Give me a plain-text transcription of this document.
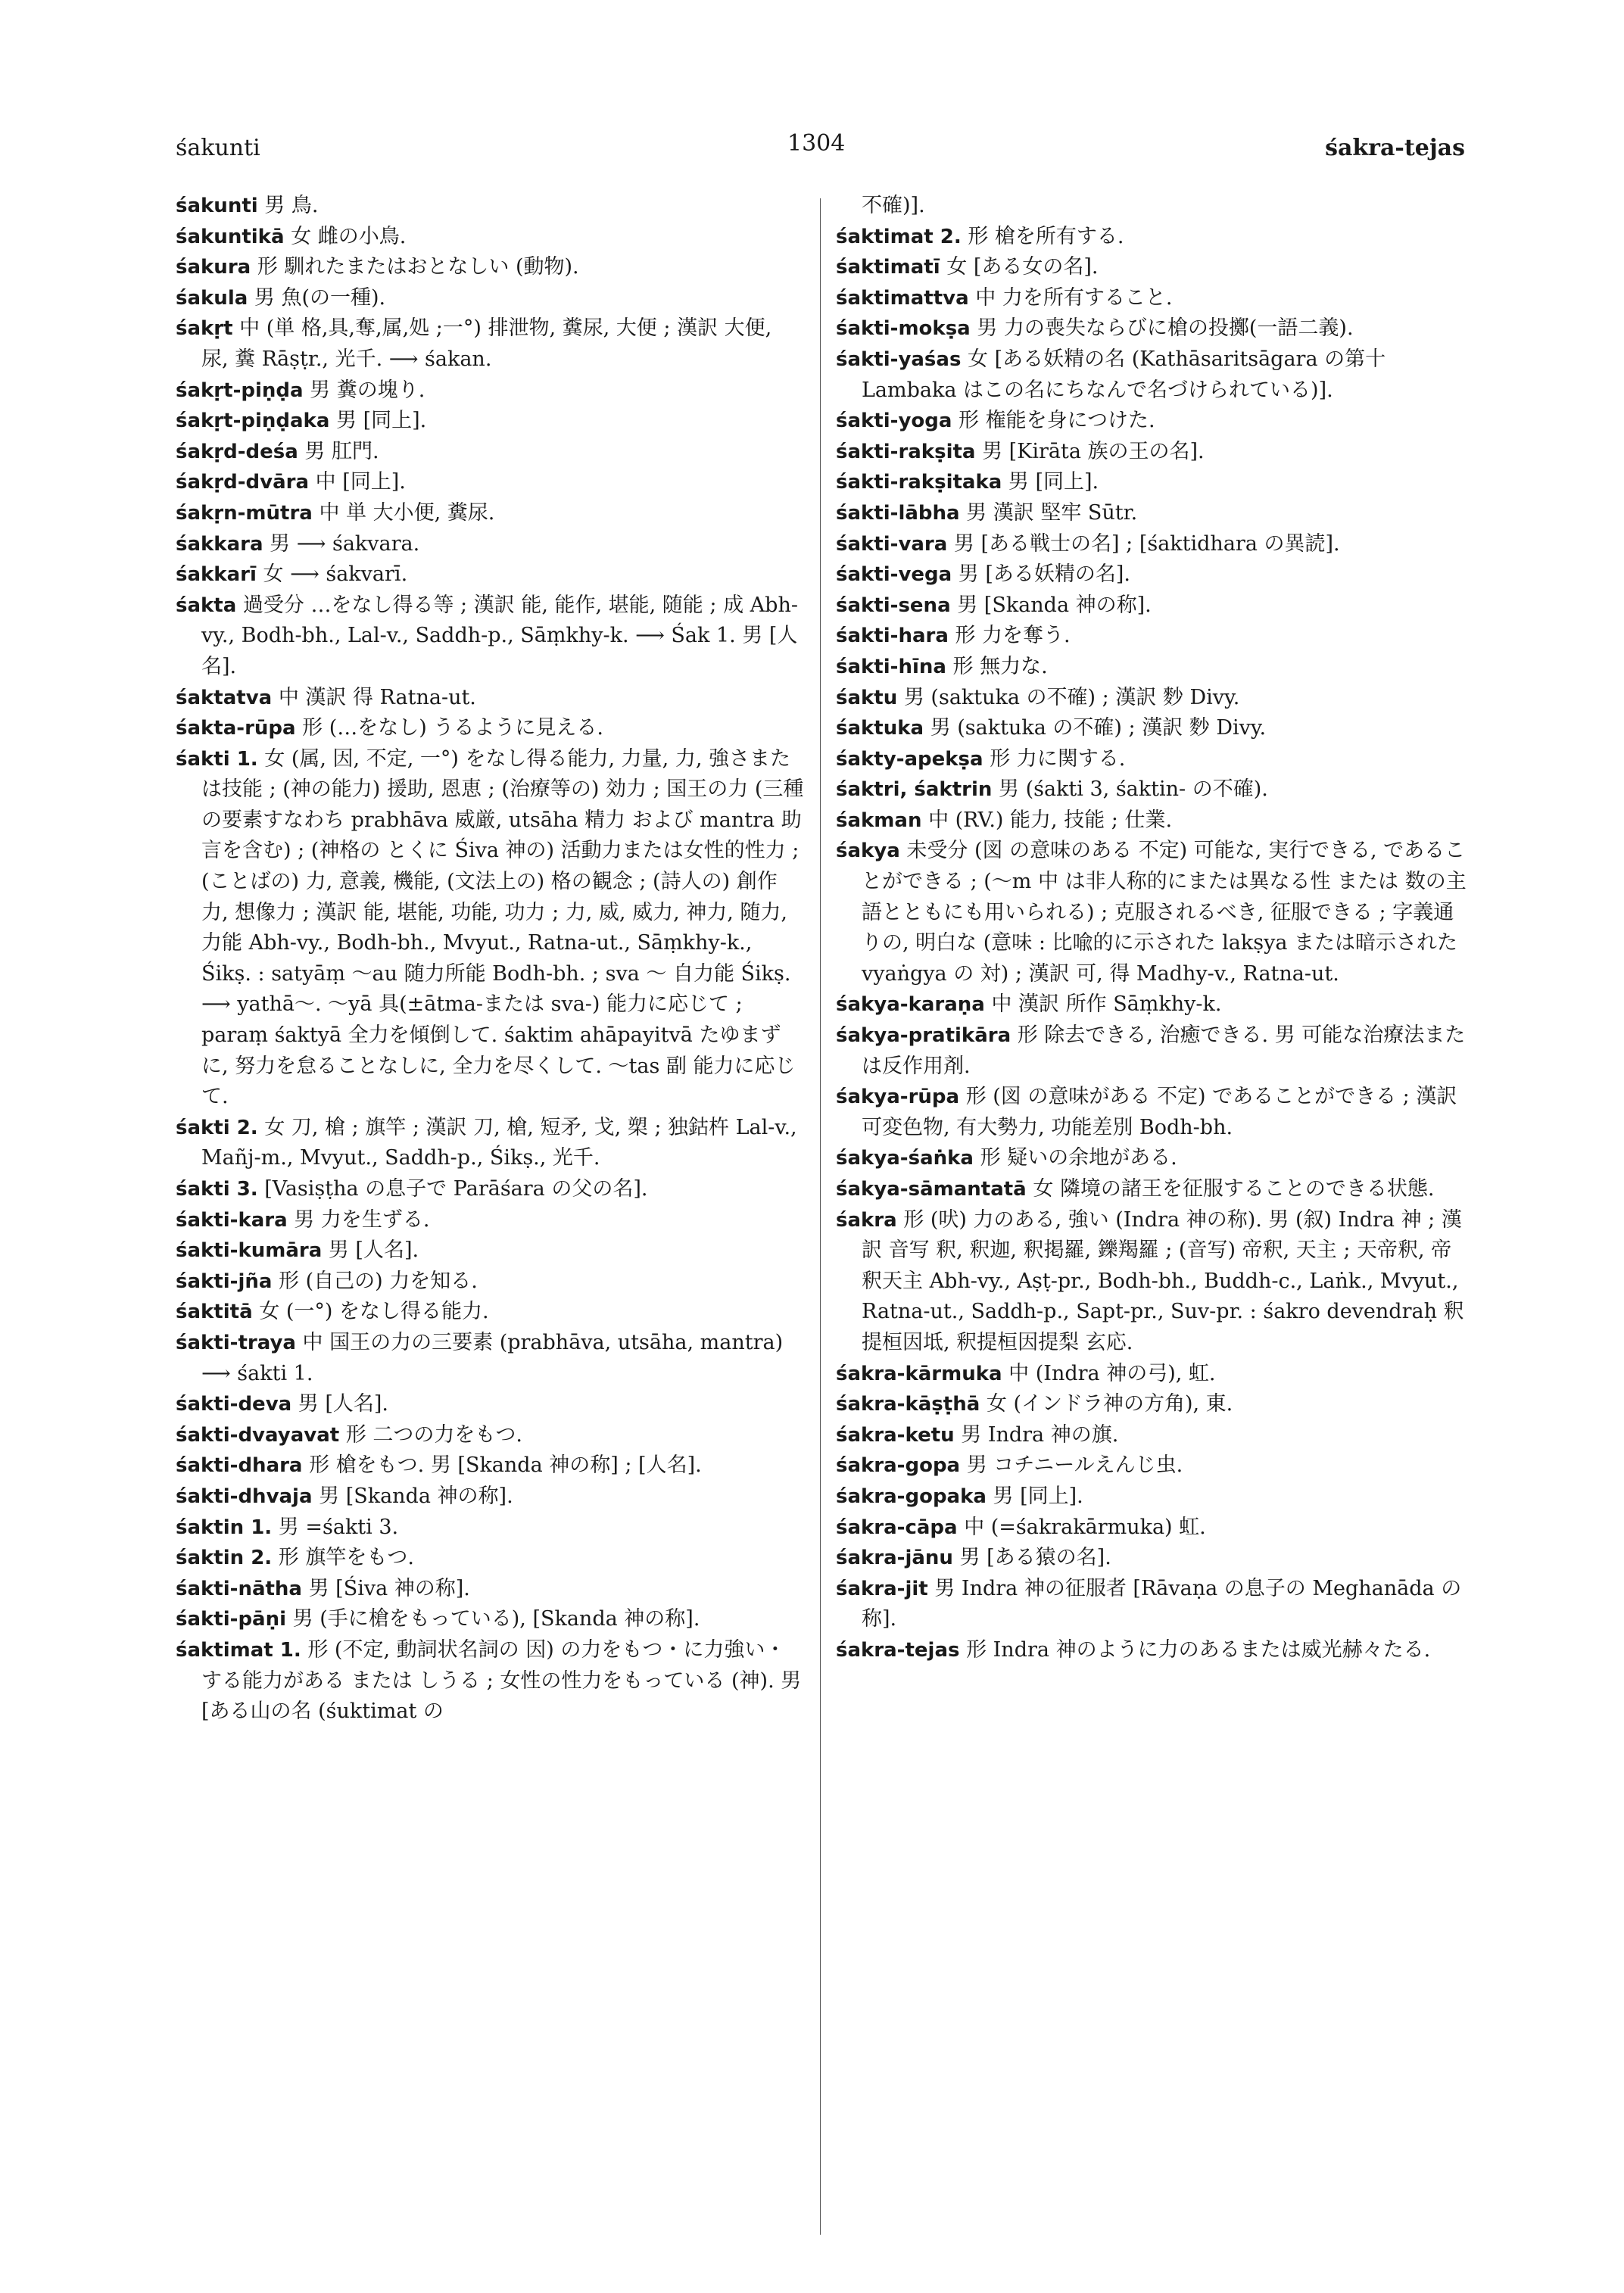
śakunti	1304	śakra-tejas

śakunti 男 鳥.

śakuntikā 女 雌の小鳥.

śakura 形 馴れたまたはおとなしい (動物).

śakula 男 魚(の一種).

śakṛt 中 (単 格,具,奪,属,処 ;一°) 排泄物, 糞尿, 大便 ; 漢訳 大便, 尿, 糞 Rāṣṭr., 光千. ⟶ śakan.

śakṛt-piṇḍa 男 糞の塊り.

śakṛt-piṇḍaka 男 [同上].

śakṛd-deśa 男 肛門.

śakṛd-dvāra 中 [同上].

śakṛn-mūtra 中 単 大小便, 糞尿.

śakkara 男 ⟶ śakvara.

śakkarī 女 ⟶ śakvarī.

śakta 過受分 …をなし得る等 ; 漢訳 能, 能作, 堪能, 随能 ; 成 Abh-vy., Bodh-bh., Lal-v., Saddh-p., Sāṃkhy-k. ⟶ Śak 1. 男 [人名].

śaktatva 中 漢訳 得 Ratna-ut.

śakta-rūpa 形 (…をなし) うるように見える.

śakti 1. 女 (属, 因, 不定, 一°) をなし得る能力, 力量, 力, 強さまたは技能 ; (神の能力) 援助, 恩恵 ; (治療等の) 効力 ; 国王の力 (三種の要素すなわち prabhāva 威厳, utsāha 精力 および mantra 助言を含む) ; (神格の とくに Śiva 神の) 活動力または女性的性力 ; (ことばの) 力, 意義, 機能, (文法上の) 格の観念 ; (詩人の) 創作力, 想像力 ; 漢訳 能, 堪能, 功能, 功力 ; 力, 威, 威力, 神力, 随力, 力能 Abh-vy., Bodh-bh., Mvyut., Ratna-ut., Sāṃkhy-k., Śikṣ. : satyāṃ ～au 随力所能 Bodh-bh. ; sva ～ 自力能 Śikṣ. ⟶ yathā～. ～yā 具(±ātma-または sva-) 能力に応じて ; paraṃ śaktyā 全力を傾倒して. śaktim ahāpayitvā たゆまずに, 努力を怠ることなしに, 全力を尽くして. ～tas 副 能力に応じて.

śakti 2. 女 刀, 槍 ; 旗竿 ; 漢訳 刀, 槍, 短矛, 戈, 槊 ; 独鈷杵 Lal-v., Mañj-m., Mvyut., Saddh-p., Śikṣ., 光千.

śakti 3. [Vasiṣṭha の息子で Parāśara の父の名].

śakti-kara 男 力を生ずる.

śakti-kumāra 男 [人名].

śakti-jña 形 (自己の) 力を知る.

śaktitā 女 (一°) をなし得る能力.

śakti-traya 中 国王の力の三要素 (prabhāva, utsāha, mantra) ⟶ śakti 1.

śakti-deva 男 [人名].

śakti-dvayavat 形 二つの力をもつ.

śakti-dhara 形 槍をもつ. 男 [Skanda 神の称] ; [人名].

śakti-dhvaja 男 [Skanda 神の称].

śaktin 1. 男 =śakti 3.

śaktin 2. 形 旗竿をもつ.

śakti-nātha 男 [Śiva 神の称].

śakti-pāṇi 男 (手に槍をもっている), [Skanda 神の称].

śaktimat 1. 形 (不定, 動詞状名詞の 因) の力をもつ・に力強い・する能力がある または しうる ; 女性の性力をもっている (神). 男 [ある山の名 (śuktimat の

不確)].

śaktimat 2. 形 槍を所有する.

śaktimatī 女 [ある女の名].

śaktimattva 中 力を所有すること.

śakti-mokṣa 男 力の喪失ならびに槍の投擲(一語二義).

śakti-yaśas 女 [ある妖精の名 (Kathāsaritsāgara の第十 Lambaka はこの名にちなんで名づけられている)].

śakti-yoga 形 権能を身につけた.

śakti-rakṣita 男 [Kirāta 族の王の名].

śakti-rakṣitaka 男 [同上].

śakti-lābha 男 漢訳 堅牢 Sūtr.

śakti-vara 男 [ある戦士の名] ; [śaktidhara の異読].

śakti-vega 男 [ある妖精の名].

śakti-sena 男 [Skanda 神の称].

śakti-hara 形 力を奪う.

śakti-hīna 形 無力な.

śaktu 男 (saktuka の不確) ; 漢訳 麨 Divy.

śaktuka 男 (saktuka の不確) ; 漢訳 麨 Divy.

śakty-apekṣa 形 力に関する.

śaktri, śaktrin 男 (śakti 3, śaktin- の不確).

śakman 中 (RV.) 能力, 技能 ; 仕業.

śakya 未受分 (図 の意味のある 不定) 可能な, 実行できる, であることができる ; (～m 中 は非人称的にまたは異なる性 または 数の主語とともにも用いられる) ; 克服されるべき, 征服できる ; 字義通りの, 明白な (意味 : 比喩的に示された lakṣya または暗示された vyaṅgya の 対) ; 漢訳 可, 得 Madhy-v., Ratna-ut.

śakya-karaṇa 中 漢訳 所作 Sāṃkhy-k.

śakya-pratikāra 形 除去できる, 治癒できる. 男 可能な治療法または反作用剤.

śakya-rūpa 形 (図 の意味がある 不定) であることができる ; 漢訳 可変色物, 有大勢力, 功能差別 Bodh-bh.

śakya-śaṅka 形 疑いの余地がある.

śakya-sāmantatā 女 隣境の諸王を征服することのできる状態.

śakra 形 (吠) 力のある, 強い (Indra 神の称). 男 (叙) Indra 神 ; 漢訳 音写 釈, 釈迦, 釈掲羅, 鑠羯羅 ; (音写) 帝釈, 天主 ; 天帝釈, 帝釈天主 Abh-vy., Aṣṭ-pr., Bodh-bh., Buddh-c., Laṅk., Mvyut., Ratna-ut., Saddh-p., Sapt-pr., Suv-pr. : śakro devendraḥ 釈提桓因坻, 釈提桓因提梨 玄応.

śakra-kārmuka 中 (Indra 神の弓), 虹.

śakra-kāṣṭhā 女 (インドラ神の方角), 東.

śakra-ketu 男 Indra 神の旗.

śakra-gopa 男 コチニールえんじ虫.

śakra-gopaka 男 [同上].

śakra-cāpa 中 (=śakrakārmuka) 虹.

śakra-jānu 男 [ある猿の名].

śakra-jit 男 Indra 神の征服者 [Rāvaṇa の息子の Meghanāda の称].

śakra-tejas 形 Indra 神のように力のあるまたは威光赫々たる.
